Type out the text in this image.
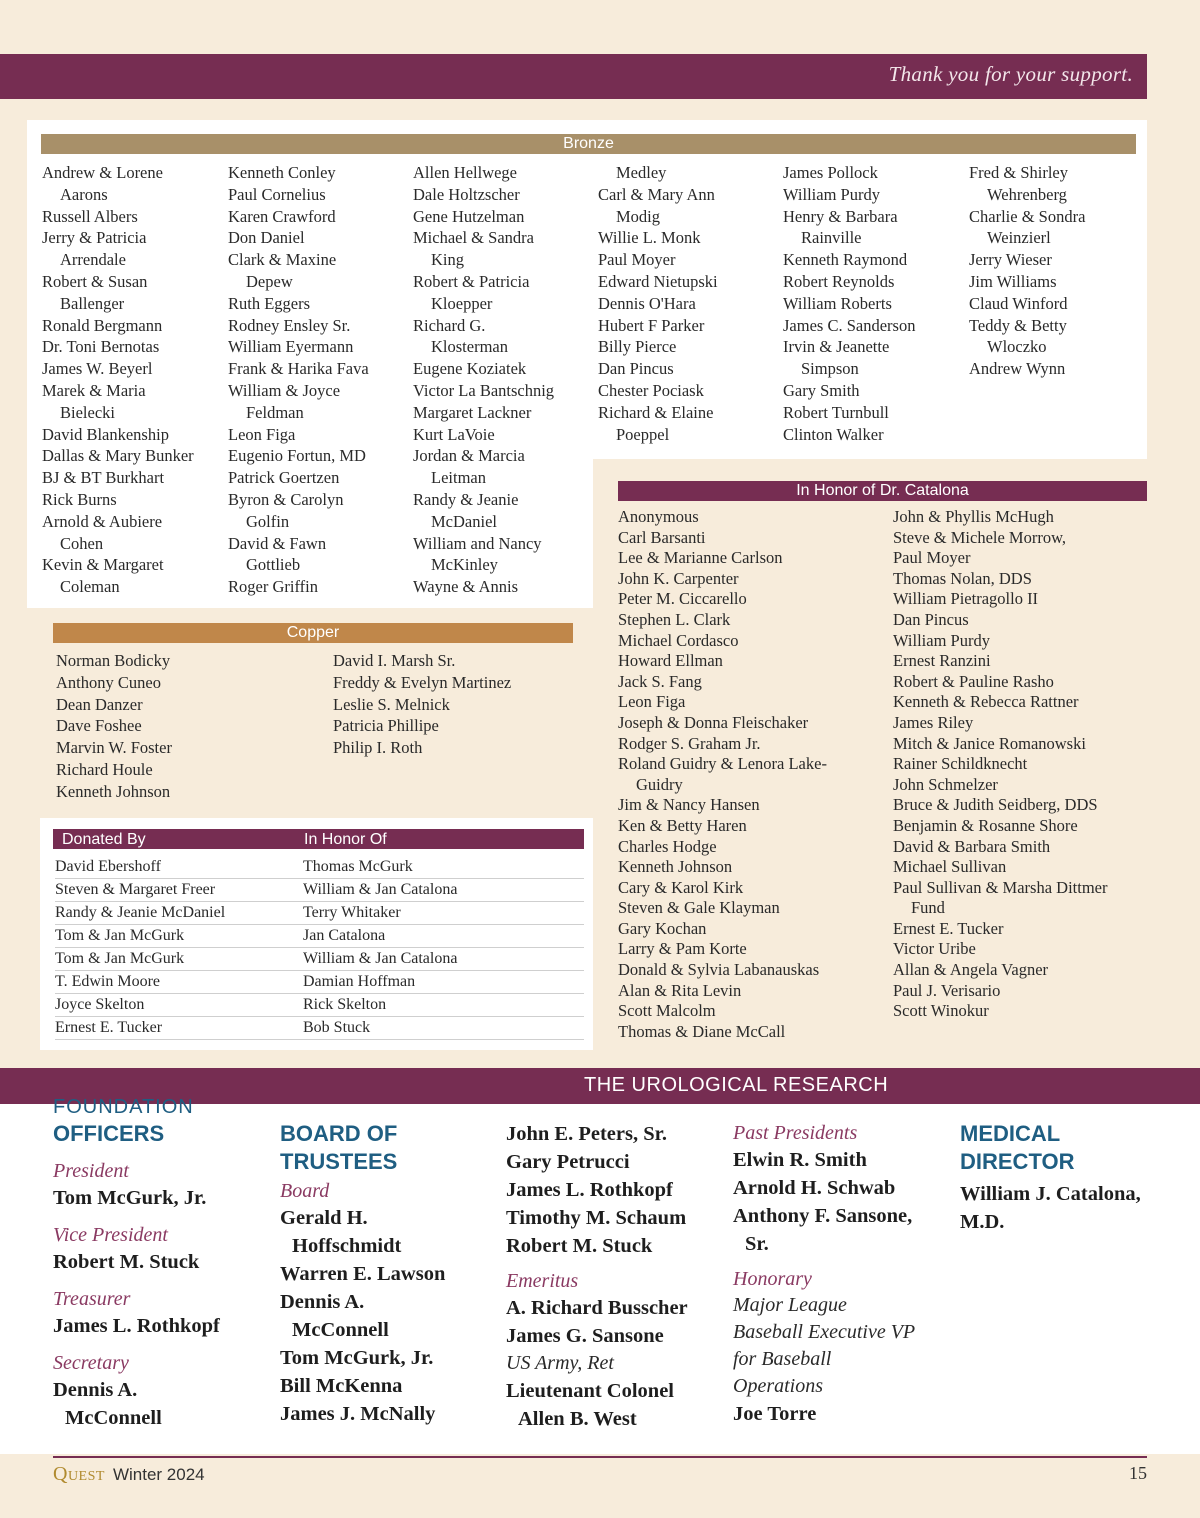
Thank you for your support.
Bronze
Andrew & Lorene
Aarons
Russell Albers
Jerry & Patricia
Arrendale
Robert & Susan
Ballenger
Ronald Bergmann
Dr. Toni Bernotas
James W. Beyerl
Marek & Maria
Bielecki
David Blankenship
Dallas & Mary Bunker
BJ & BT Burkhart
Rick Burns
Arnold & Aubiere
Cohen
Kevin & Margaret
Coleman
Kenneth Conley
Paul Cornelius
Karen Crawford
Don Daniel
Clark & Maxine
Depew
Ruth Eggers
Rodney Ensley Sr.
William Eyermann
Frank & Harika Fava
William & Joyce
Feldman
Leon Figa
Eugenio Fortun, MD
Patrick Goertzen
Byron & Carolyn
Golfin
David & Fawn
Gottlieb
Roger Griffin
Allen Hellwege
Dale Holtzscher
Gene Hutzelman
Michael & Sandra
King
Robert & Patricia
Kloepper
Richard G.
Klosterman
Eugene Koziatek
Victor La Bantschnig
Margaret Lackner
Kurt LaVoie
Jordan & Marcia
Leitman
Randy & Jeanie
McDaniel
William and Nancy
McKinley
Wayne & Annis
Medley
Carl & Mary Ann
Modig
Willie L. Monk
Paul Moyer
Edward Nietupski
Dennis O'Hara
Hubert F Parker
Billy Pierce
Dan Pincus
Chester Pociask
Richard & Elaine
Poeppel
James Pollock
William Purdy
Henry & Barbara
Rainville
Kenneth Raymond
Robert Reynolds
William Roberts
James C. Sanderson
Irvin & Jeanette
Simpson
Gary Smith
Robert Turnbull
Clinton Walker
Fred & Shirley
Wehrenberg
Charlie & Sondra
Weinzierl
Jerry Wieser
Jim Williams
Claud Winford
Teddy & Betty
Wloczko
Andrew Wynn
Copper
Norman Bodicky
Anthony Cuneo
Dean Danzer
Dave Foshee
Marvin W. Foster
Richard Houle
Kenneth Johnson
David I. Marsh Sr.
Freddy & Evelyn Martinez
Leslie S. Melnick
Patricia Phillipe
Philip I. Roth
Donated By	In Honor Of
David Ebershoff	Thomas McGurk
Steven & Margaret Freer	William & Jan Catalona
Randy & Jeanie McDaniel	Terry Whitaker
Tom & Jan McGurk	Jan Catalona
Tom & Jan McGurk	William & Jan Catalona
T. Edwin Moore	Damian Hoffman
Joyce Skelton	Rick Skelton
Ernest E. Tucker	Bob Stuck
In Honor of Dr. Catalona
Anonymous
Carl Barsanti
Lee & Marianne Carlson
John K. Carpenter
Peter M. Ciccarello
Stephen L. Clark
Michael Cordasco
Howard Ellman
Jack S. Fang
Leon Figa
Joseph & Donna Fleischaker
Rodger S. Graham Jr.
Roland Guidry & Lenora Lake-
Guidry
Jim & Nancy Hansen
Ken & Betty Haren
Charles Hodge
Kenneth Johnson
Cary & Karol Kirk
Steven & Gale Klayman
Gary Kochan
Larry & Pam Korte
Donald & Sylvia Labanauskas
Alan & Rita Levin
Scott Malcolm
Thomas & Diane McCall
John & Phyllis McHugh
Steve & Michele Morrow,
Paul Moyer
Thomas Nolan, DDS
William Pietragollo II
Dan Pincus
William Purdy
Ernest Ranzini
Robert & Pauline Rasho
Kenneth & Rebecca Rattner
James Riley
Mitch & Janice Romanowski
Rainer Schildknecht
John Schmelzer
Bruce & Judith Seidberg, DDS
Benjamin & Rosanne Shore
David & Barbara Smith
Michael Sullivan
Paul Sullivan & Marsha Dittmer
Fund
Ernest E. Tucker
Victor Uribe
Allan & Angela Vagner
Paul J. Verisario
Scott Winokur
THE UROLOGICAL RESEARCH
FOUNDATION
OFFICERS
President
Tom McGurk, Jr.
Vice President
Robert M. Stuck
Treasurer
James L. Rothkopf
Secretary
Dennis A.
McConnell
BOARD OF
TRUSTEES
Board
Gerald H.
Hoffschmidt
Warren E. Lawson
Dennis A.
McConnell
Tom McGurk, Jr.
Bill McKenna
James J. McNally
John E. Peters, Sr.
Gary Petrucci
James L. Rothkopf
Timothy M. Schaum
Robert M. Stuck
Emeritus
A. Richard Busscher
James G. Sansone
US Army, Ret
Lieutenant Colonel
Allen B. West
Past Presidents
Elwin R. Smith
Arnold H. Schwab
Anthony F. Sansone,
Sr.
Honorary
Major League
Baseball Executive VP
for Baseball
Operations
Joe Torre
MEDICAL
DIRECTOR
William J. Catalona,
M.D.
Quest Winter 2024	15
